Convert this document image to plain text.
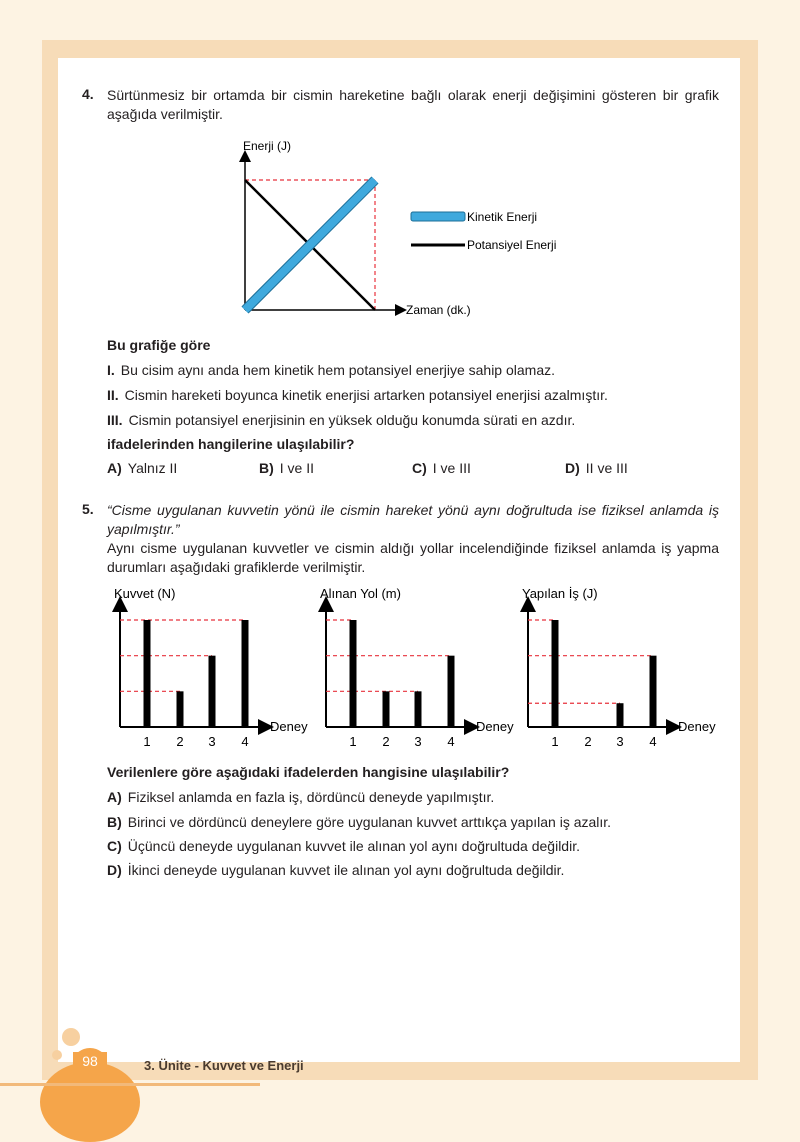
4. Sürtünmesiz bir ortamda bir cismin hareketine bağlı olarak enerji değişimini gösteren bir grafik aşağıda verilmiştir.
Enerji (J)
Zaman (dk.)
Kinetik Enerji
Potansiyel Enerji
Bu grafiğe göre
I. Bu cisim aynı anda hem kinetik hem potansiyel enerjiye sahip olamaz.
II. Cismin hareketi boyunca kinetik enerjisi artarken potansiyel enerjisi azalmıştır.
III. Cismin potansiyel enerjisinin en yüksek olduğu konumda sürati en azdır.
ifadelerinden hangilerine ulaşılabilir?
A) Yalnız II	B) I ve II	C) I ve III	D) II ve III
5. “Cisme uygulanan kuvvetin yönü ile cismin hareket yönü aynı doğrultuda ise fiziksel anlamda iş yapılmıştır.”
Aynı cisme uygulanan kuvvetler ve cismin aldığı yollar incelendiğinde fiziksel anlamda iş yapma durumları aşağıdaki grafiklerde verilmiştir.
1 2 3 4
Kuvvet (N)
Deney
1 2 3 4
Alınan Yol (m)
Deney
1 2 3 4
Yapılan İş (J)
Deney
Verilenlere göre aşağıdaki ifadelerden hangisine ulaşılabilir?
A) Fiziksel anlamda en fazla iş, dördüncü deneyde yapılmıştır.
B) Birinci ve dördüncü deneylere göre uygulanan kuvvet arttıkça yapılan iş azalır.
C) Üçüncü deneyde uygulanan kuvvet ile alınan yol aynı doğrultuda değildir.
D) İkinci deneyde uygulanan kuvvet ile alınan yol aynı doğrultuda değildir.
98	3. Ünite - Kuvvet ve Enerji
